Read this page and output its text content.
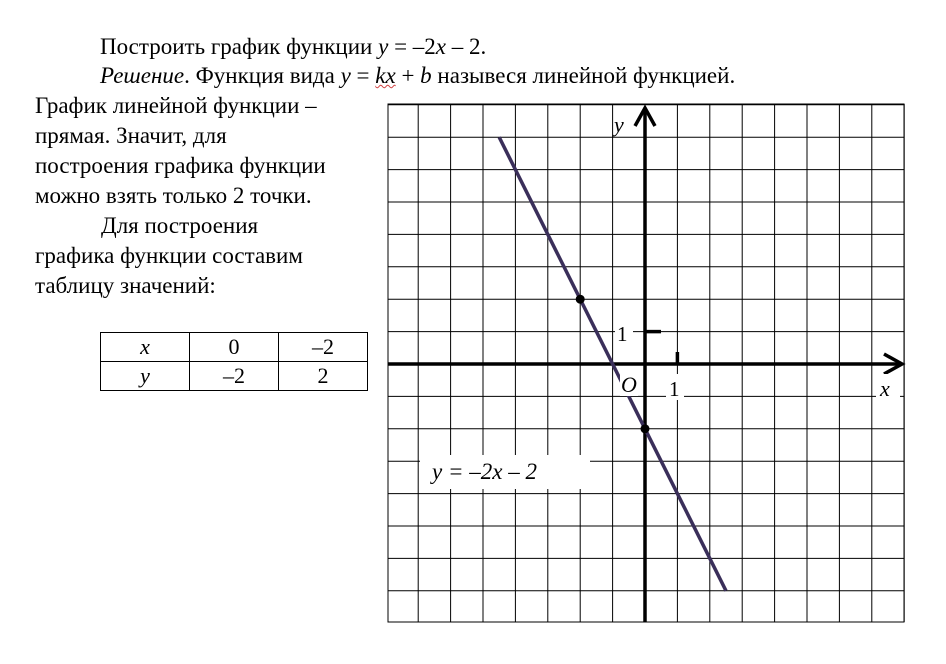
Построить график функции y = –2x – 2.
Решение. Функция вида y = kx + b назывеся линейной функцией.
График линейной функции –
прямая. Значит, для
построения графика функции
можно взять только 2 точки.
Для построения
графика функции составим
таблицу значений:
x	0	–2
y	–2	2
y
x
O 1
1
y = –2x – 2
